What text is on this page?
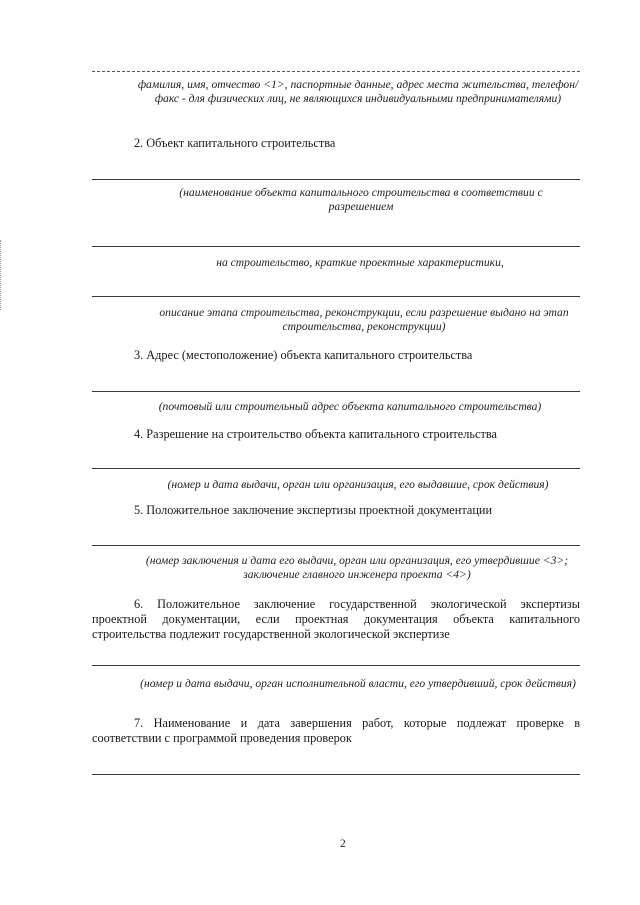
фамилия, имя, отчество <1>, паспортные данные, адрес места жительства, телефон/факс - для физических лиц, не являющихся индивидуальными предпринимателями)
2. Объект капитального строительства
(наименование объекта капитального строительства в соответствии с разрешением
на строительство, краткие проектные характеристики,
описание этапа строительства, реконструкции, если разрешение выдано на этап строительства, реконструкции)
3. Адрес (местоположение) объекта капитального строительства
(почтовый или строительный адрес объекта капитального строительства)
4. Разрешение на строительство объекта капитального строительства
(номер и дата выдачи, орган или организация, его выдавшие, срок действия)
5. Положительное заключение экспертизы проектной документации
(номер заключения и дата его выдачи, орган или организация, его утвердившие <3>; заключение главного инженера проекта <4>)
6. Положительное заключение государственной экологической экспертизы проектной документации, если проектная документация объекта капитального строительства подлежит государственной экологической экспертизе
(номер и дата выдачи, орган исполнительной власти, его утвердивший, срок действия)
7. Наименование и дата завершения работ, которые подлежат проверке в соответствии с программой проведения проверок
2
